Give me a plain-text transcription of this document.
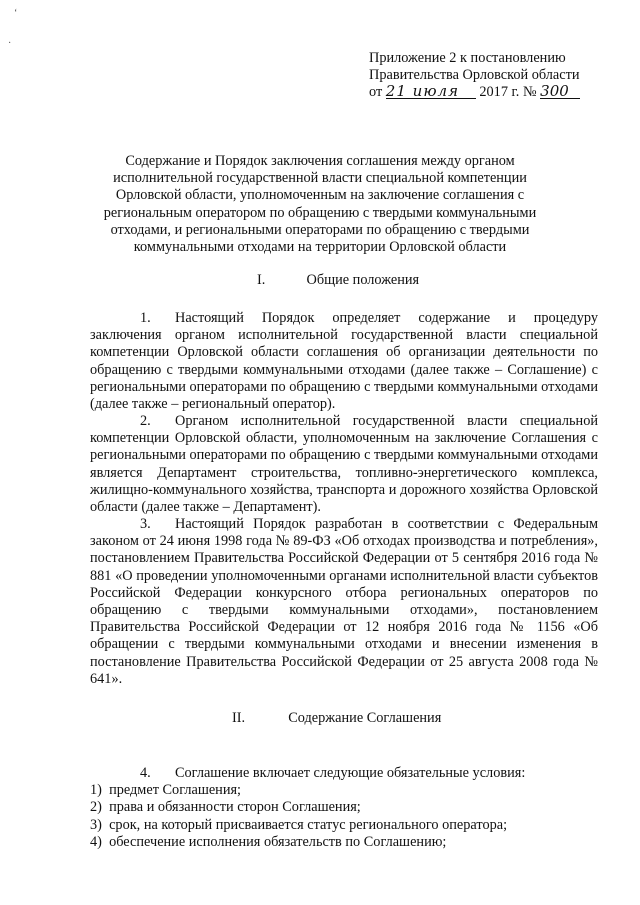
‘
·
Приложение 2 к постановлению
Правительства Орловской области
от 21 июля 2017 г. № 300
Содержание и Порядок заключения соглашения между органом исполнительной государственной власти специальной компетенции Орловской области, уполномоченным на заключение соглашения с региональным оператором по обращению с твердыми коммунальными отходами, и региональными операторами по обращению с твердыми коммунальными отходами на территории Орловской области
I.	Общие положения

1. Настоящий Порядок определяет содержание и процедуру заключения органом исполнительной государственной власти специальной компетенции Орловской области соглашения об организации деятельности по обращению с твердыми коммунальными отходами (далее также – Соглашение) с региональными операторами по обращению с твердыми коммунальными отходами (далее также – региональный оператор).

2. Органом исполнительной государственной власти специальной компетенции Орловской области, уполномоченным на заключение Соглашения с региональными операторами по обращению с твердыми коммунальными отходами является Департамент строительства, топливно-энергетического комплекса, жилищно-коммунального хозяйства, транспорта и дорожного хозяйства Орловской области (далее также – Департамент).

3. Настоящий Порядок разработан в соответствии с Федеральным законом от 24 июня 1998 года № 89-ФЗ «Об отходах производства и потребления», постановлением Правительства Российской Федерации от 5 сентября 2016 года № 881 «О проведении уполномоченными органами исполнительной власти субъектов Российской Федерации конкурсного отбора региональных операторов по обращению с твердыми коммунальными отходами», постановлением Правительства Российской Федерации от 12 ноября 2016 года № 1156 «Об обращении с твердыми коммунальными отходами и внесении изменения в постановление Правительства Российской Федерации от 25 августа 2008 года № 641».

II.	Содержание Соглашения
4. Соглашение включает следующие обязательные условия:
1) предмет Соглашения;
2) права и обязанности сторон Соглашения;
3) срок, на который присваивается статус регионального оператора;
4) обеспечение исполнения обязательств по Соглашению;
